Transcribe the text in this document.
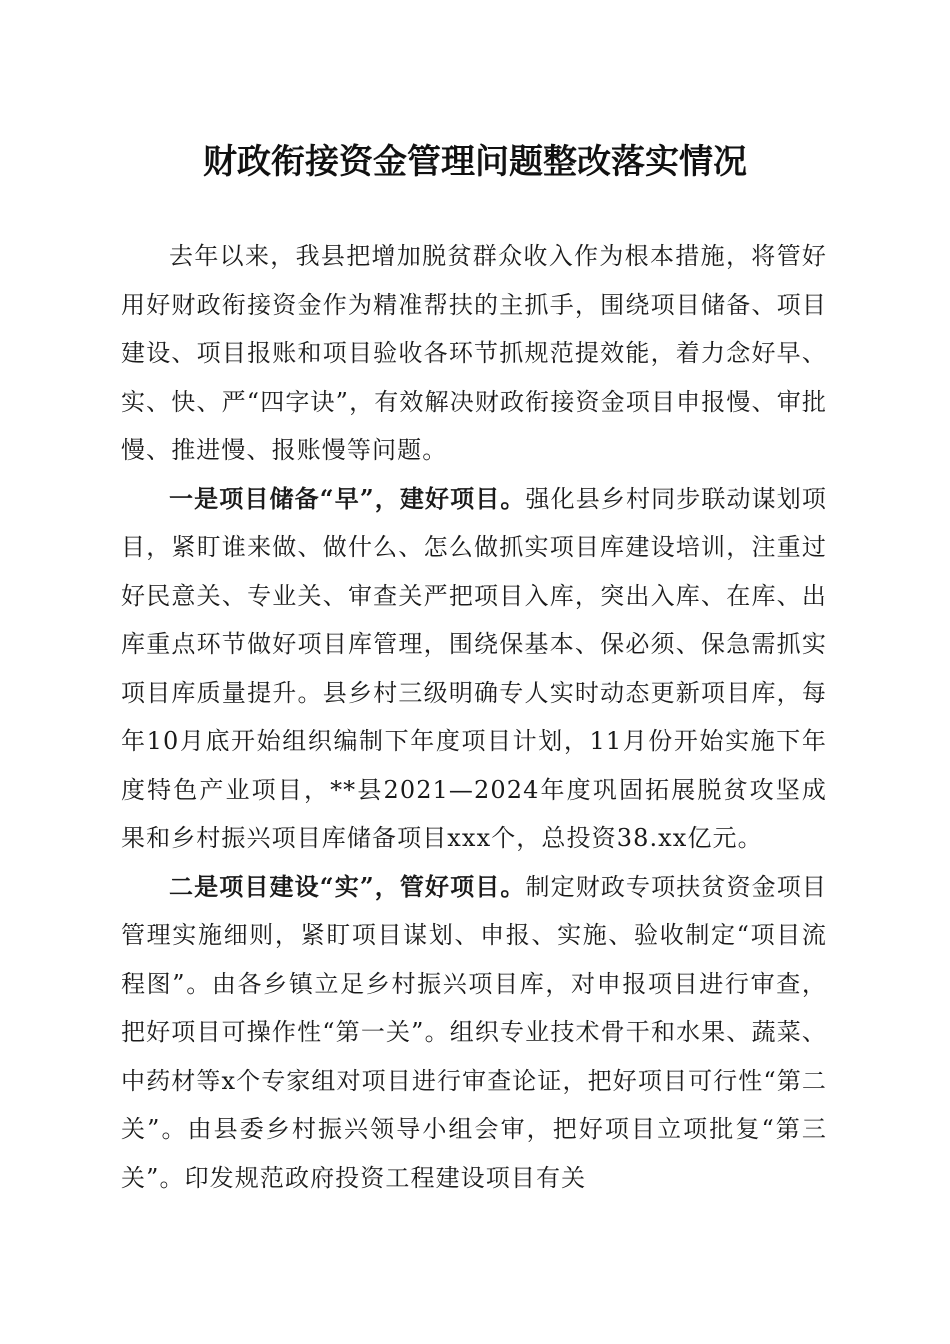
财政衔接资金管理问题整改落实情况

去年以来，我县把增加脱贫群众收入作为根本措施，将管好用好财政衔接资金作为精准帮扶的主抓手，围绕项目储备、项目建设、项目报账和项目验收各环节抓规范提效能，着力念好早、实、快、严“四字诀”，有效解决财政衔接资金项目申报慢、审批慢、推进慢、报账慢等问题。

一是项目储备“早”，建好项目。强化县乡村同步联动谋划项目，紧盯谁来做、做什么、怎么做抓实项目库建设培训，注重过好民意关、专业关、审查关严把项目入库，突出入库、在库、出库重点环节做好项目库管理，围绕保基本、保必须、保急需抓实项目库质量提升。县乡村三级明确专人实时动态更新项目库，每年10月底开始组织编制下年度项目计划，11月份开始实施下年度特色产业项目，**县2021—2024年度巩固拓展脱贫攻坚成果和乡村振兴项目库储备项目xxx个，总投资38.xx亿元。

二是项目建设“实”，管好项目。制定财政专项扶贫资金项目管理实施细则，紧盯项目谋划、申报、实施、验收制定“项目流程图”。由各乡镇立足乡村振兴项目库，对申报项目进行审查，把好项目可操作性“第一关”。组织专业技术骨干和水果、蔬菜、中药材等x个专家组对项目进行审查论证，把好项目可行性“第二关”。由县委乡村振兴领导小组会审，把好项目立项批复“第三关”。印发规范政府投资工程建设项目有关
